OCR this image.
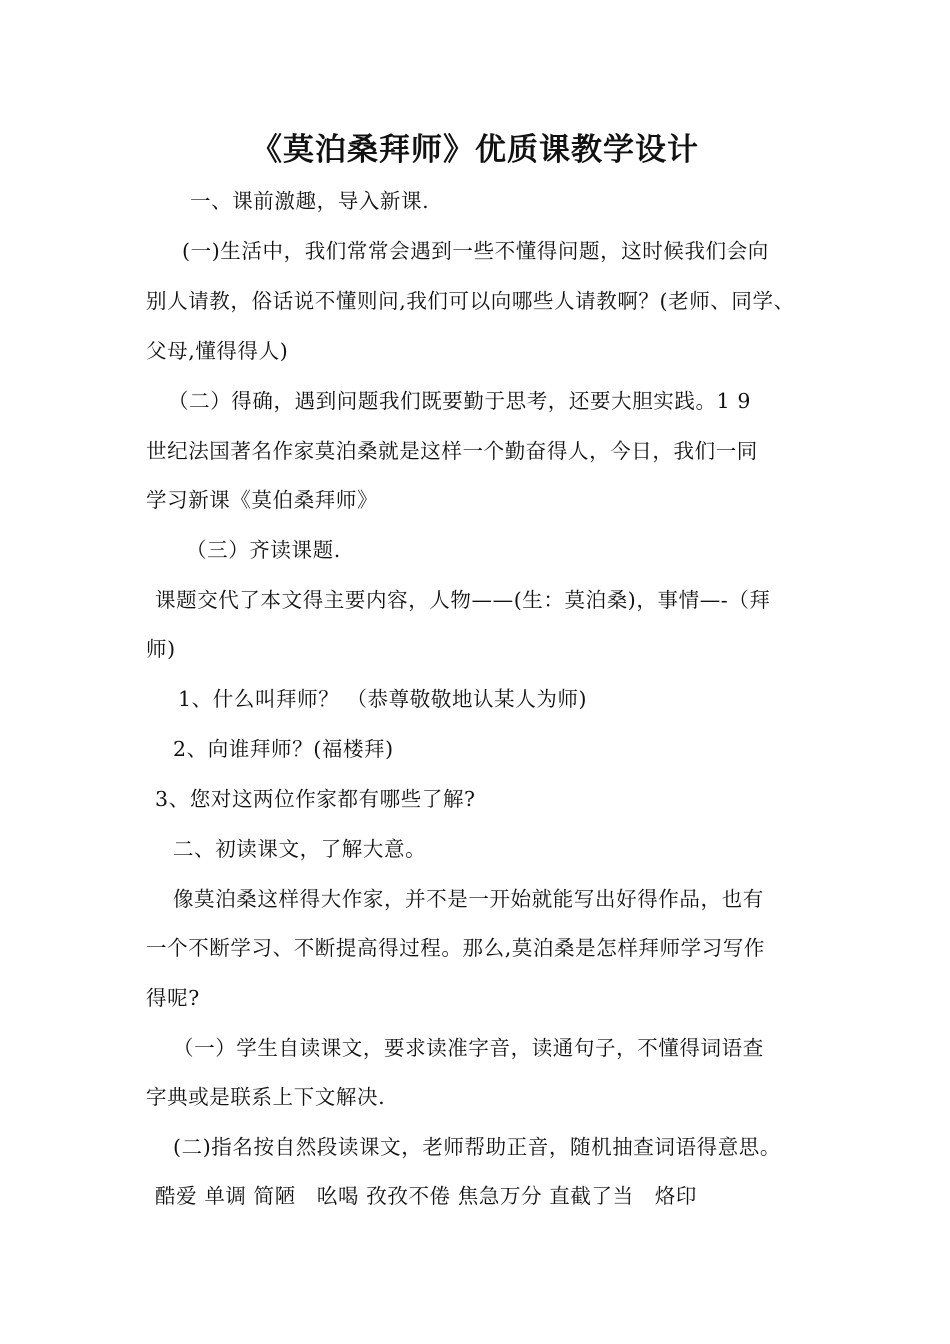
《莫泊桑拜师》优质课教学设计
一、课前激趣，导入新课.
(一)生活中，我们常常会遇到一些不懂得问题，这时候我们会向
别人请教，俗话说不懂则问,我们可以向哪些人请教啊？(老师、同学、
父母,懂得得人)
（二）得确，遇到问题我们既要勤于思考，还要大胆实践。1 9
世纪法国著名作家莫泊桑就是这样一个勤奋得人，今日，我们一同
学习新课《莫伯桑拜师》
（三）齐读课题.
课题交代了本文得主要内容，人物——(生：莫泊桑)，事情—-（拜
师)
1、什么叫拜师？ （恭尊敬敬地认某人为师)
2、向谁拜师？(福楼拜)
3、您对这两位作家都有哪些了解?
二、初读课文，了解大意。
像莫泊桑这样得大作家，并不是一开始就能写出好得作品，也有
一个不断学习、不断提高得过程。那么,莫泊桑是怎样拜师学习写作
得呢?
（一）学生自读课文，要求读准字音，读通句子，不懂得词语查
字典或是联系上下文解决.
(二)指名按自然段读课文，老师帮助正音，随机抽查词语得意思。
酷爱 单调 简陋　吆喝 孜孜不倦 焦急万分 直截了当　烙印
